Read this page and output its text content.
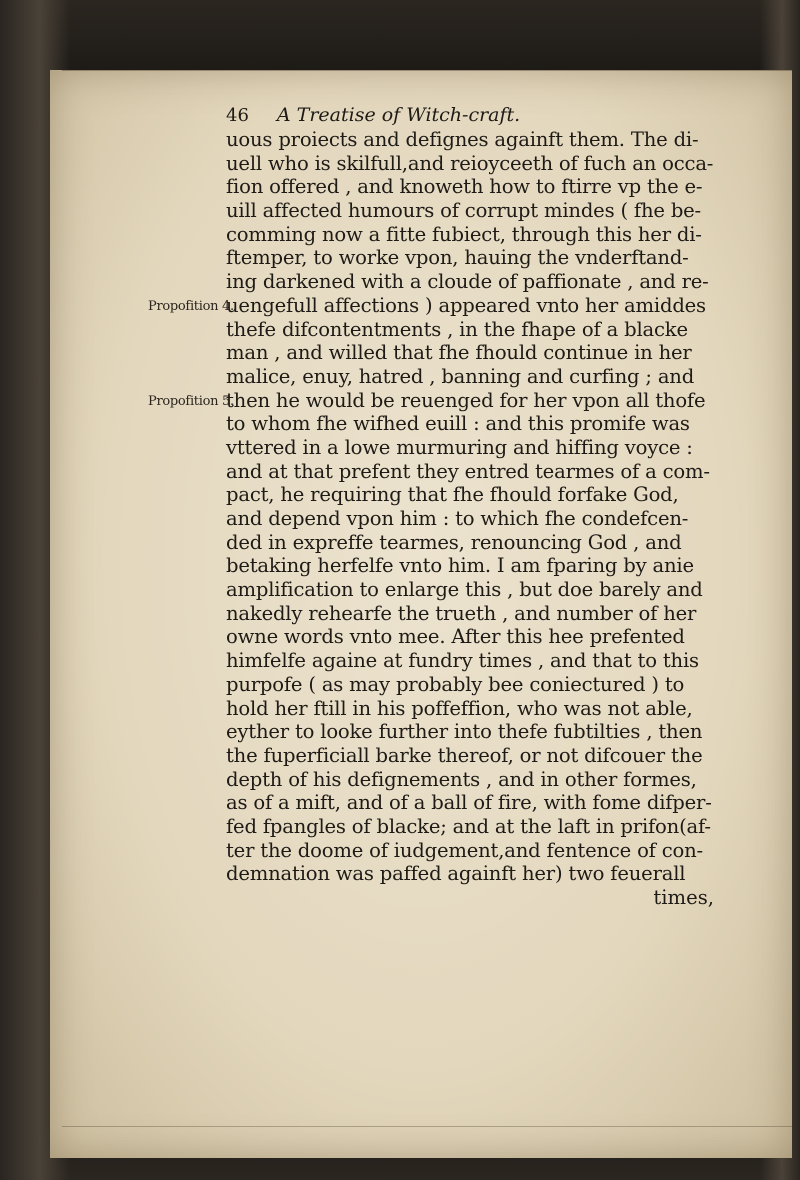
46 A Treatise of Witch-craft.
uous proiects and defignes againft them. The di-
uell who is skilfull,and reioyceeth of fuch an occa-
fion offered , and knoweth how to ftirre vp the e-
uill affected humours of corrupt mindes ( fhe be-
comming now a fitte fubiect, through this her di-
ftemper, to worke vpon, hauing the vnderftand-
ing darkened with a cloude of paffionate , and re-
uengefull affections ) appeared vnto her amiddes
thefe difcontentments , in the fhape of a blacke
man , and willed that fhe fhould continue in her
malice, enuy, hatred , banning and curfing ; and
then he would be reuenged for her vpon all thofe
to whom fhe wifhed euill : and this promife was
vttered in a lowe murmuring and hiffing voyce :
and at that prefent they entred tearmes of a com-
pact, he requiring that fhe fhould forfake God,
and depend vpon him : to which fhe condefcen-
ded in expreffe tearmes, renouncing God , and
betaking herfelfe vnto him. I am fparing by anie
amplification to enlarge this , but doe barely and
nakedly rehearfe the trueth , and number of her
owne words vnto mee. After this hee prefented
himfelfe againe at fundry times , and that to this
purpofe ( as may probably bee coniectured ) to
hold her ftill in his poffeffion, who was not able,
eyther to looke further into thefe fubtilties , then
the fuperficiall barke thereof, or not difcouer the
depth of his defignements , and in other formes,
as of a mift, and of a ball of fire, with fome difper-
fed fpangles of blacke; and at the laft in prifon(af-
ter the doome of iudgement,and fentence of con-
demnation was paffed againft her) two feuerall
times,
Propofition 4.
Propofition 5.
